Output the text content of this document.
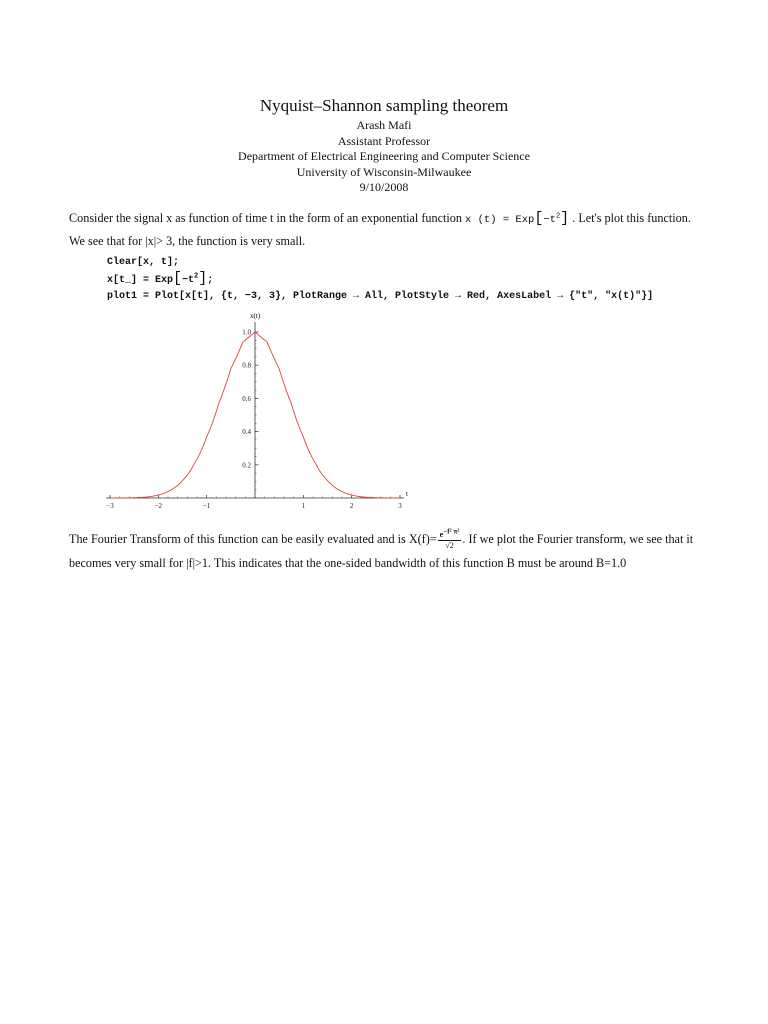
Nyquist–Shannon sampling theorem
Arash Mafi
Assistant Professor
Department of Electrical Engineering and Computer Science
University of Wisconsin-Milwaukee
9/10/2008
Consider the signal x as function of time t in the form of an exponential function x $(t) = Exp[-t^2]$ . Let's plot this function.
We see that for |x|> 3, the function is very small.
Clear[x, t];
x[t_] = $Exp[-t^2]$;
plot1 = Plot[x[t], {t, −3, 3}, PlotRange → All, PlotStyle → Red, AxesLabel → {"t", "x(t)"}]
−3	−2	−1	1	2	3
0.2
0.4
0.6
0.8
1.0
t
x(t)
The Fourier Transform of this function can be easily evaluated and is $X(f)= \frac{e^{-f^2 \pi^2}}{√2}$ . If we plot the Fourier transform, we see that it
becomes very small for |f|>1. This indicates that the one-sided bandwidth of this function B must be around B=1.0
